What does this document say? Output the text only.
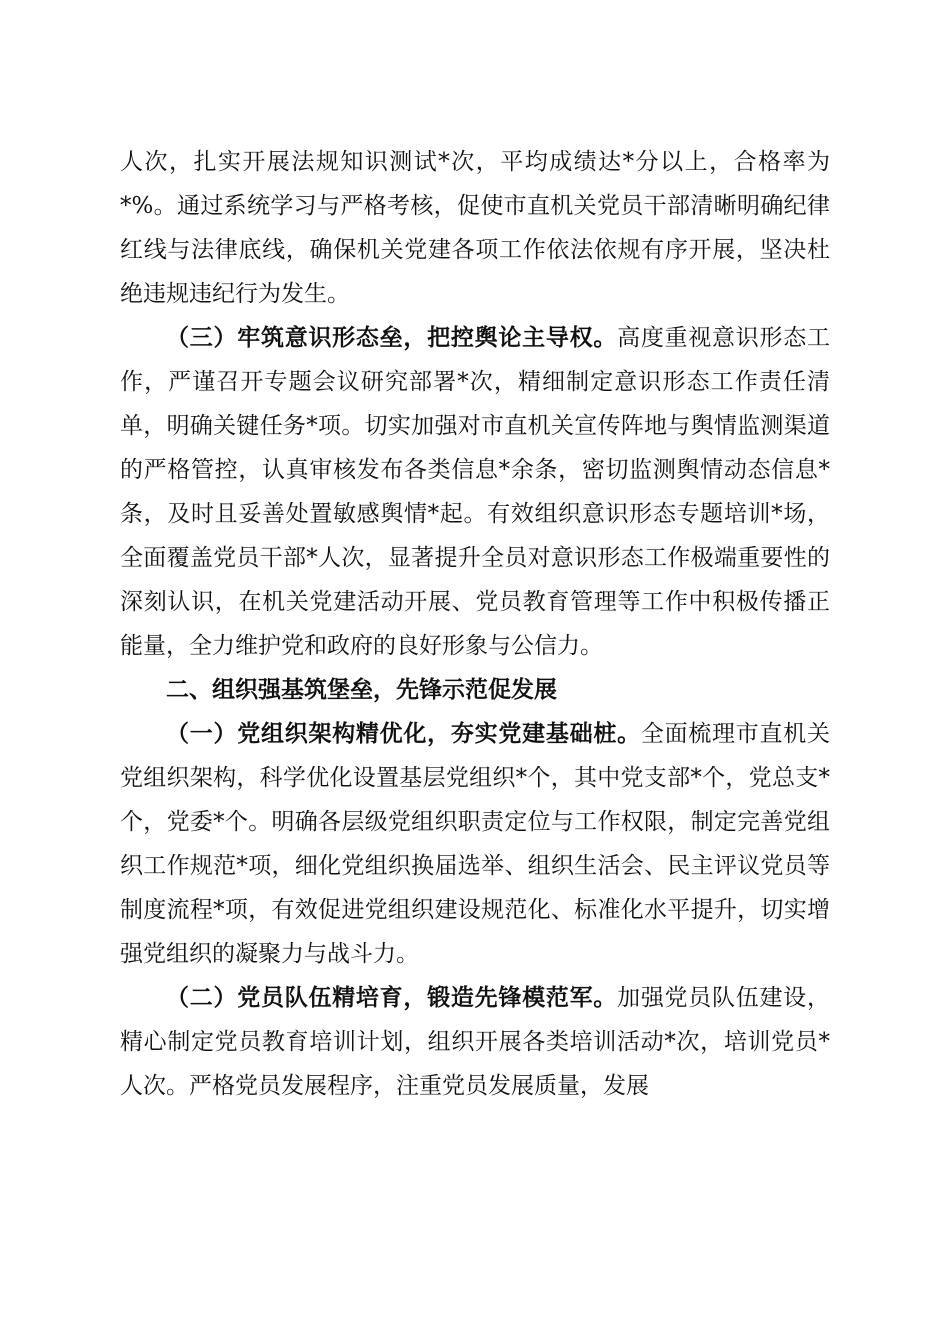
人次，扎实开展法规知识测试*次，平均成绩达*分以上，合格率为*%。通过系统学习与严格考核，促使市直机关党员干部清晰明确纪律红线与法律底线，确保机关党建各项工作依法依规有序开展，坚决杜绝违规违纪行为发生。

（三）牢筑意识形态垒，把控舆论主导权。高度重视意识形态工作，严谨召开专题会议研究部署*次，精细制定意识形态工作责任清单，明确关键任务*项。切实加强对市直机关宣传阵地与舆情监测渠道的严格管控，认真审核发布各类信息*余条，密切监测舆情动态信息*条，及时且妥善处置敏感舆情*起。有效组织意识形态专题培训*场，全面覆盖党员干部*人次，显著提升全员对意识形态工作极端重要性的深刻认识，在机关党建活动开展、党员教育管理等工作中积极传播正能量，全力维护党和政府的良好形象与公信力。

二、组织强基筑堡垒，先锋示范促发展

（一）党组织架构精优化，夯实党建基础桩。全面梳理市直机关党组织架构，科学优化设置基层党组织*个，其中党支部*个，党总支*个，党委*个。明确各层级党组织职责定位与工作权限，制定完善党组织工作规范*项，细化党组织换届选举、组织生活会、民主评议党员等制度流程*项，有效促进党组织建设规范化、标准化水平提升，切实增强党组织的凝聚力与战斗力。

（二）党员队伍精培育，锻造先锋模范军。加强党员队伍建设，精心制定党员教育培训计划，组织开展各类培训活动*次，培训党员*人次。严格党员发展程序，注重党员发展质量，发展
